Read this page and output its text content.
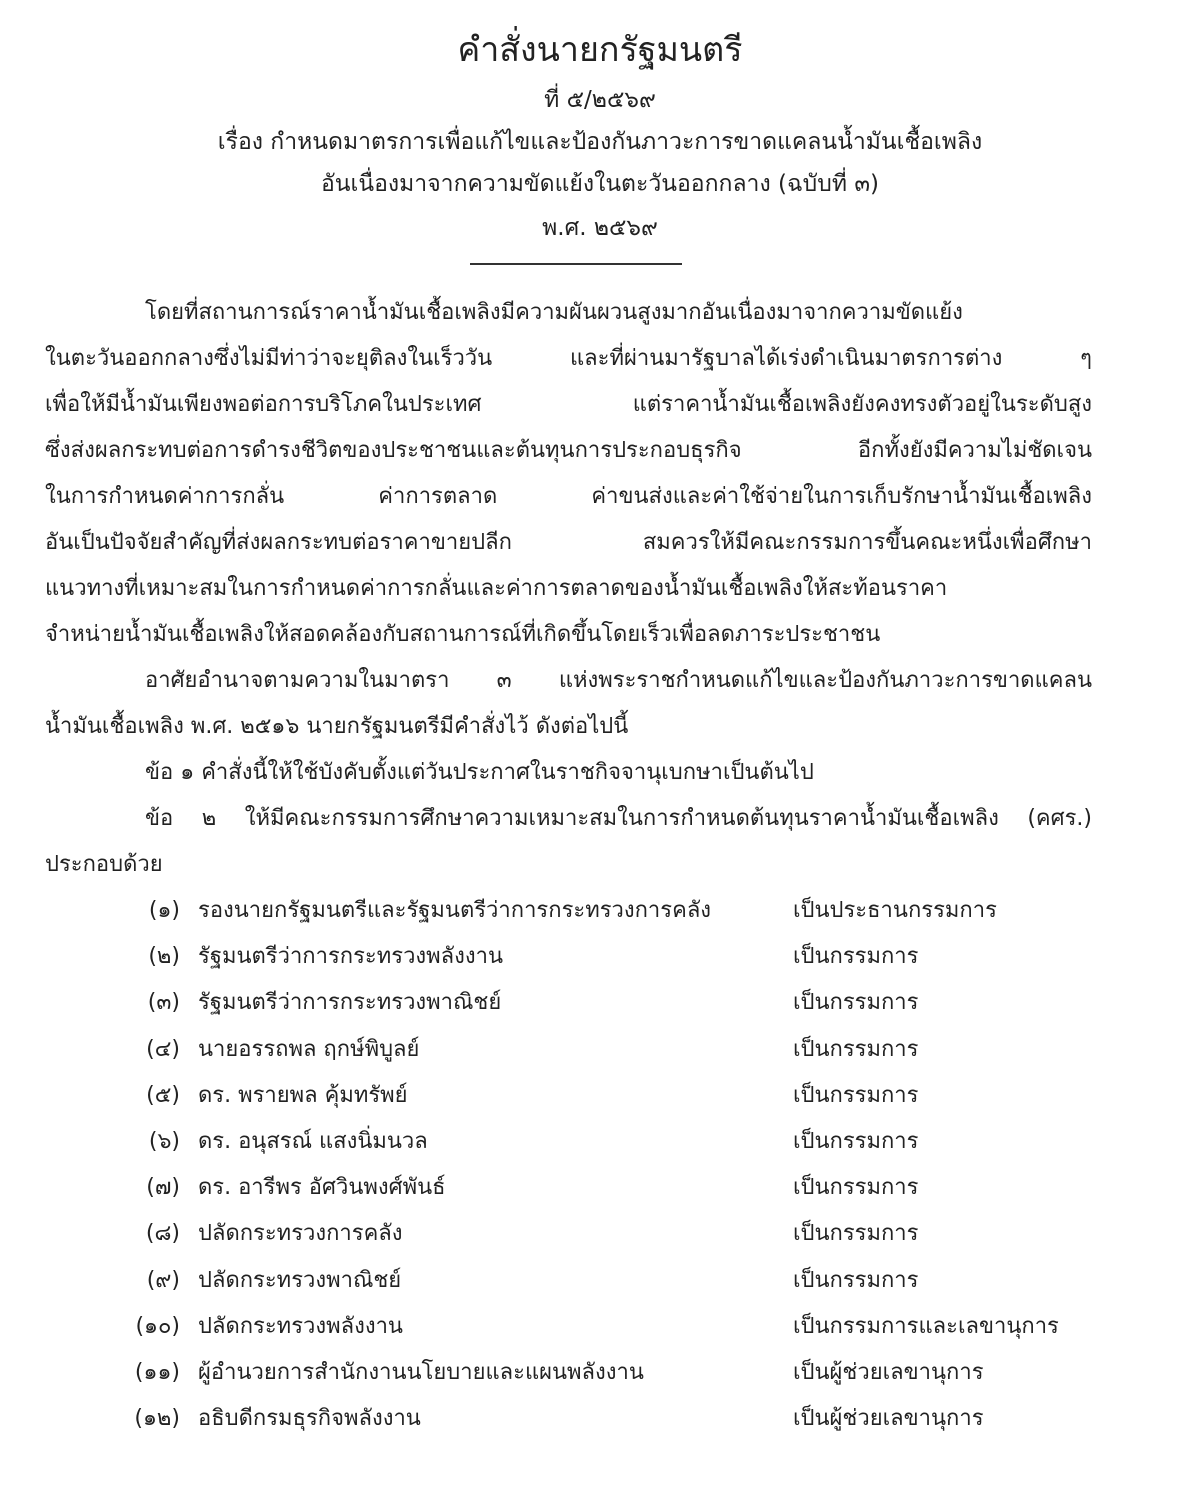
คำสั่งนายกรัฐมนตรี
ที่ ๕/๒๕๖๙
เรื่อง กำหนดมาตรการเพื่อแก้ไขและป้องกันภาวะการขาดแคลนน้ำมันเชื้อเพลิง
อันเนื่องมาจากความขัดแย้งในตะวันออกกลาง (ฉบับที่ ๓)
พ.ศ. ๒๕๖๙
โดยที่สถานการณ์ราคาน้ำมันเชื้อเพลิงมีความผันผวนสูงมากอันเนื่องมาจากความขัดแย้ง
ในตะวันออกกลางซึ่งไม่มีท่าว่าจะยุติลงในเร็ววัน และที่ผ่านมารัฐบาลได้เร่งดำเนินมาตรการต่าง ๆ
เพื่อให้มีน้ำมันเพียงพอต่อการบริโภคในประเทศ แต่ราคาน้ำมันเชื้อเพลิงยังคงทรงตัวอยู่ในระดับสูง
ซึ่งส่งผลกระทบต่อการดำรงชีวิตของประชาชนและต้นทุนการประกอบธุรกิจ อีกทั้งยังมีความไม่ชัดเจน
ในการกำหนดค่าการกลั่น ค่าการตลาด ค่าขนส่งและค่าใช้จ่ายในการเก็บรักษาน้ำมันเชื้อเพลิง
อันเป็นปัจจัยสำคัญที่ส่งผลกระทบต่อราคาขายปลีก สมควรให้มีคณะกรรมการขึ้นคณะหนึ่งเพื่อศึกษา
แนวทางที่เหมาะสมในการกำหนดค่าการกลั่นและค่าการตลาดของน้ำมันเชื้อเพลิงให้สะท้อนราคา
จำหน่ายน้ำมันเชื้อเพลิงให้สอดคล้องกับสถานการณ์ที่เกิดขึ้นโดยเร็วเพื่อลดภาระประชาชน
อาศัยอำนาจตามความในมาตรา ๓ แห่งพระราชกำหนดแก้ไขและป้องกันภาวะการขาดแคลน
น้ำมันเชื้อเพลิง พ.ศ. ๒๕๑๖ นายกรัฐมนตรีมีคำสั่งไว้ ดังต่อไปนี้
ข้อ ๑ คำสั่งนี้ให้ใช้บังคับตั้งแต่วันประกาศในราชกิจจานุเบกษาเป็นต้นไป
ข้อ ๒ ให้มีคณะกรรมการศึกษาความเหมาะสมในการกำหนดต้นทุนราคาน้ำมันเชื้อเพลิง (คศร.)
ประกอบด้วย
(๑) รองนายกรัฐมนตรีและรัฐมนตรีว่าการกระทรวงการคลัง	เป็นประธานกรรมการ
(๒) รัฐมนตรีว่าการกระทรวงพลังงาน	เป็นกรรมการ
(๓) รัฐมนตรีว่าการกระทรวงพาณิชย์	เป็นกรรมการ
(๔) นายอรรถพล ฤกษ์พิบูลย์	เป็นกรรมการ
(๕) ดร. พรายพล คุ้มทรัพย์	เป็นกรรมการ
(๖) ดร. อนุสรณ์ แสงนิ่มนวล	เป็นกรรมการ
(๗) ดร. อารีพร อัศวินพงศ์พันธ์	เป็นกรรมการ
(๘) ปลัดกระทรวงการคลัง	เป็นกรรมการ
(๙) ปลัดกระทรวงพาณิชย์	เป็นกรรมการ
(๑๐) ปลัดกระทรวงพลังงาน	เป็นกรรมการและเลขานุการ
(๑๑) ผู้อำนวยการสำนักงานนโยบายและแผนพลังงาน	เป็นผู้ช่วยเลขานุการ
(๑๒) อธิบดีกรมธุรกิจพลังงาน	เป็นผู้ช่วยเลขานุการ
